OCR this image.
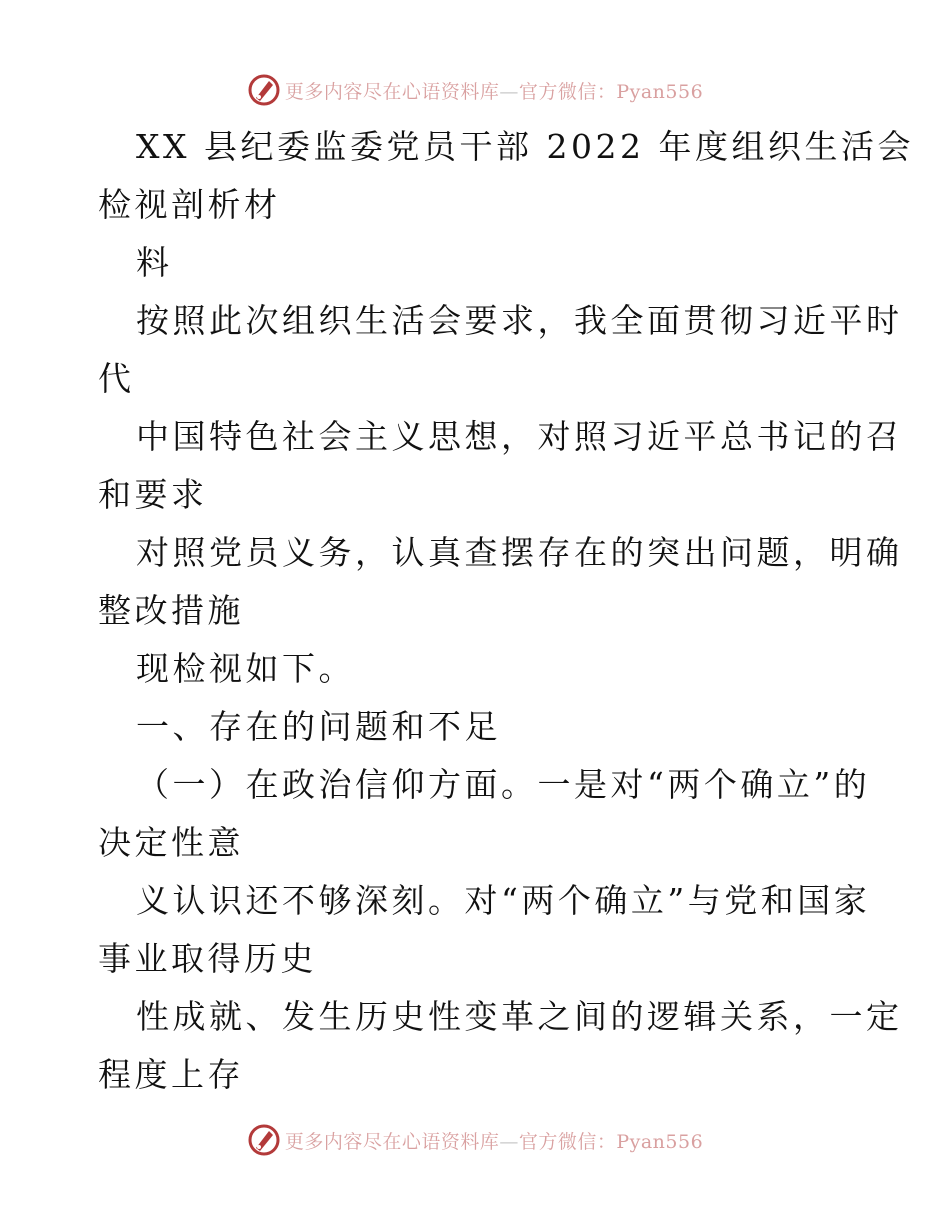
更多内容尽在心语资料库—官方微信：Pyan556
XX 县纪委监委党员干部 2022 年度组织生活会
检视剖析材
料
按照此次组织生活会要求，我全面贯彻习近平时
代
中国特色社会主义思想，对照习近平总书记的召
和要求
对照党员义务，认真查摆存在的突出问题，明确
整改措施
现检视如下。
一、存在的问题和不足
（一）在政治信仰方面。一是对“两个确立”的
决定性意
义认识还不够深刻。对“两个确立”与党和国家
事业取得历史
性成就、发生历史性变革之间的逻辑关系，一定
程度上存
更多内容尽在心语资料库—官方微信：Pyan556
